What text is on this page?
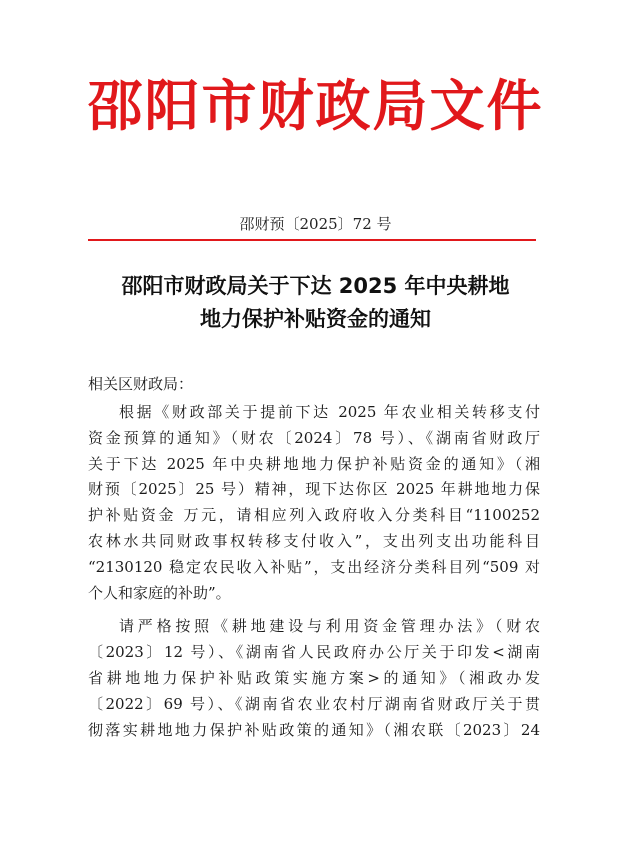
邵阳市财政局文件
邵财预〔2025〕72 号
邵阳市财政局关于下达 2025 年中央耕地
地力保护补贴资金的通知
相关区财政局：
根据《财政部关于提前下达 2025 年农业相关转移支付
资金预算的通知》（财农〔2024〕78 号）、《湖南省财政厅
关于下达 2025 年中央耕地地力保护补贴资金的通知》（湘
财预〔2025〕25 号）精神，现下达你区 2025 年耕地地力保
护补贴资金 万元，请相应列入政府收入分类科目“1100252
农林水共同财政事权转移支付收入”，支出列支出功能科目
“2130120 稳定农民收入补贴”，支出经济分类科目列“509 对
个人和家庭的补助”。
请严格按照《耕地建设与利用资金管理办法》（财农
〔2023〕12 号）、《湖南省人民政府办公厅关于印发<湖南
省耕地地力保护补贴政策实施方案>的通知》（湘政办发
〔2022〕69 号）、《湖南省农业农村厅湖南省财政厅关于贯
彻落实耕地地力保护补贴政策的通知》（湘农联〔2023〕24
